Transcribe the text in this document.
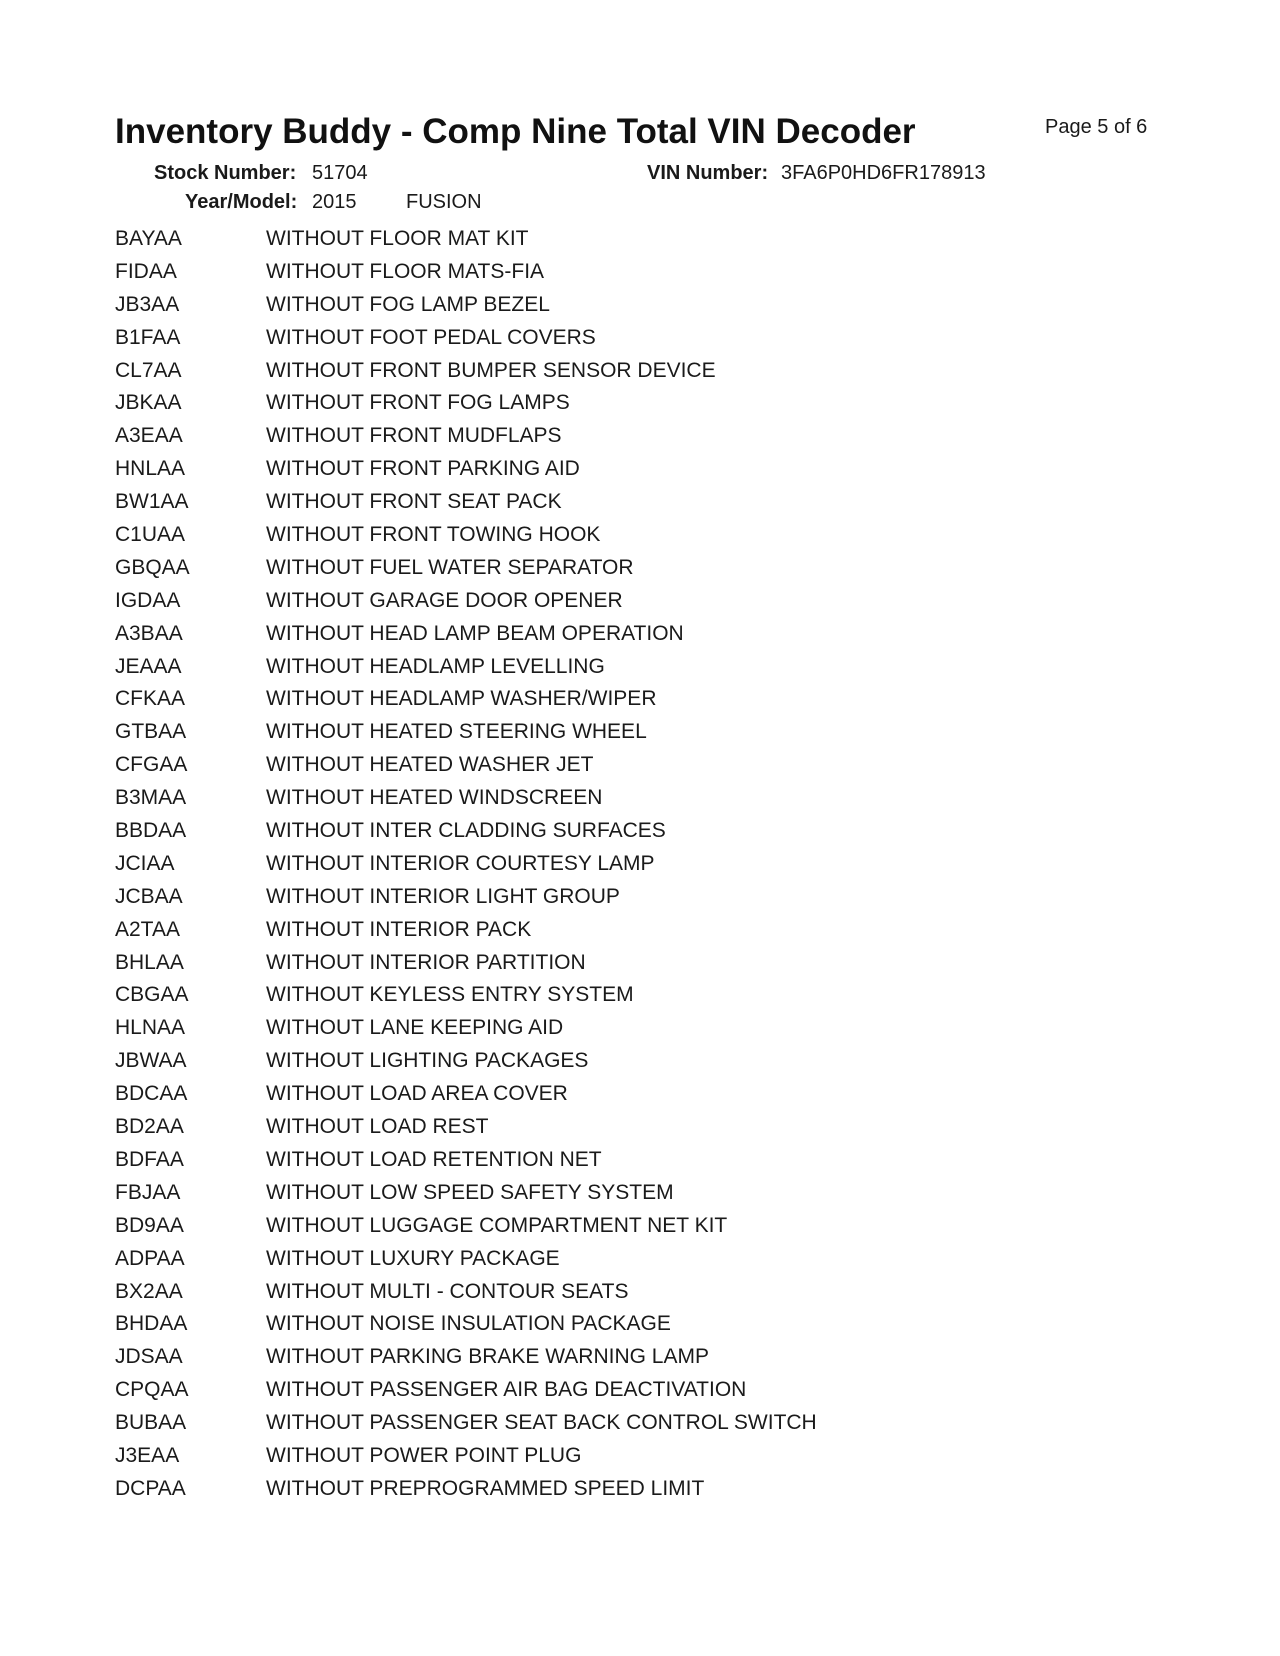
Inventory Buddy - Comp Nine Total VIN Decoder	Page 5 of 6
Stock Number: 51704	VIN Number: 3FA6P0HD6FR178913
Year/Model: 2015 FUSION
BAYAA	WITHOUT FLOOR MAT KIT
FIDAA	WITHOUT FLOOR MATS-FIA
JB3AA	WITHOUT FOG LAMP BEZEL
B1FAA	WITHOUT FOOT PEDAL COVERS
CL7AA	WITHOUT FRONT BUMPER SENSOR DEVICE
JBKAA	WITHOUT FRONT FOG LAMPS
A3EAA	WITHOUT FRONT MUDFLAPS
HNLAA	WITHOUT FRONT PARKING AID
BW1AA	WITHOUT FRONT SEAT PACK
C1UAA	WITHOUT FRONT TOWING HOOK
GBQAA	WITHOUT FUEL WATER SEPARATOR
IGDAA	WITHOUT GARAGE DOOR OPENER
A3BAA	WITHOUT HEAD LAMP BEAM OPERATION
JEAAA	WITHOUT HEADLAMP LEVELLING
CFKAA	WITHOUT HEADLAMP WASHER/WIPER
GTBAA	WITHOUT HEATED STEERING WHEEL
CFGAA	WITHOUT HEATED WASHER JET
B3MAA	WITHOUT HEATED WINDSCREEN
BBDAA	WITHOUT INTER CLADDING SURFACES
JCIAA	WITHOUT INTERIOR COURTESY LAMP
JCBAA	WITHOUT INTERIOR LIGHT GROUP
A2TAA	WITHOUT INTERIOR PACK
BHLAA	WITHOUT INTERIOR PARTITION
CBGAA	WITHOUT KEYLESS ENTRY SYSTEM
HLNAA	WITHOUT LANE KEEPING AID
JBWAA	WITHOUT LIGHTING PACKAGES
BDCAA	WITHOUT LOAD AREA COVER
BD2AA	WITHOUT LOAD REST
BDFAA	WITHOUT LOAD RETENTION NET
FBJAA	WITHOUT LOW SPEED SAFETY SYSTEM
BD9AA	WITHOUT LUGGAGE COMPARTMENT NET KIT
ADPAA	WITHOUT LUXURY PACKAGE
BX2AA	WITHOUT MULTI - CONTOUR SEATS
BHDAA	WITHOUT NOISE INSULATION PACKAGE
JDSAA	WITHOUT PARKING BRAKE WARNING LAMP
CPQAA	WITHOUT PASSENGER AIR BAG DEACTIVATION
BUBAA	WITHOUT PASSENGER SEAT BACK CONTROL SWITCH
J3EAA	WITHOUT POWER POINT PLUG
DCPAA	WITHOUT PREPROGRAMMED SPEED LIMIT
